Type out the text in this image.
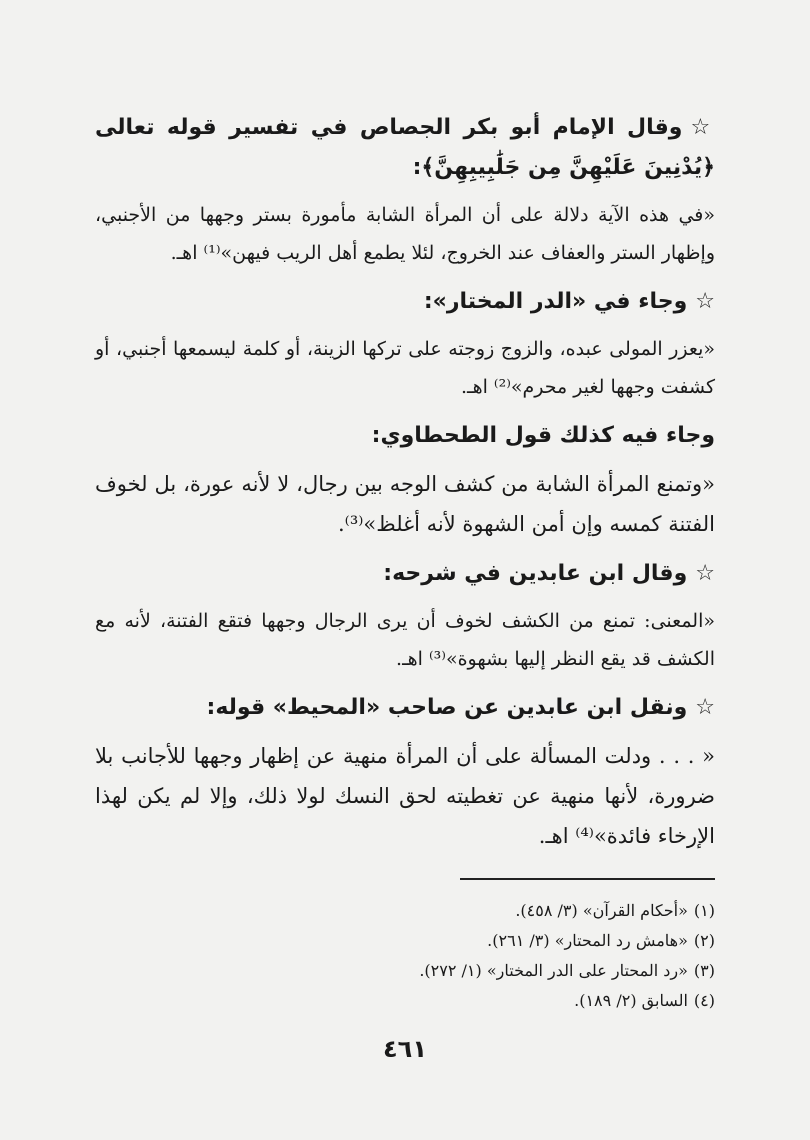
☆وقال الإمام أبو بكر الجصاص في تفسير قوله تعالى ﴿يُدْنِينَ عَلَيْهِنَّ مِن جَلَٰبِيبِهِنَّ﴾:

«في هذه الآية دلالة على أن المرأة الشابة مأمورة بستر وجهها من الأجنبي، وإظهار الستر والعفاف عند الخروج، لئلا يطمع أهل الريب فيهن»⁽¹⁾ اهـ.

☆وجاء في «الدر المختار»:

«يعزر المولى عبده، والزوج زوجته على تركها الزينة، أو كلمة ليسمعها أجنبي، أو كشفت وجهها لغير محرم»⁽²⁾ اهـ.

وجاء فيه كذلك قول الطحطاوي:

«وتمنع المرأة الشابة من كشف الوجه بين رجال، لا لأنه عورة، بل لخوف الفتنة كمسه وإن أمن الشهوة لأنه أغلظ»⁽³⁾.

☆وقال ابن عابدين في شرحه:

«المعنى: تمنع من الكشف لخوف أن يرى الرجال وجهها فتقع الفتنة، لأنه مع الكشف قد يقع النظر إليها بشهوة»⁽³⁾ اهـ.

☆ونقل ابن عابدين عن صاحب «المحيط» قوله:

« . . . ودلت المسألة على أن المرأة منهية عن إظهار وجهها للأجانب بلا ضرورة، لأنها منهية عن تغطيته لحق النسك لولا ذلك، وإلا لم يكن لهذا الإرخاء فائدة»⁽⁴⁾ اهـ.

(١)«أحكام القرآن» (٣/ ٤٥٨).
(٢)«هامش رد المحتار» (٣/ ٢٦١).
(٣)«رد المحتار على الدر المختار» (١/ ٢٧٢).
(٤)السابق (٢/ ١٨٩).
٤٦١
